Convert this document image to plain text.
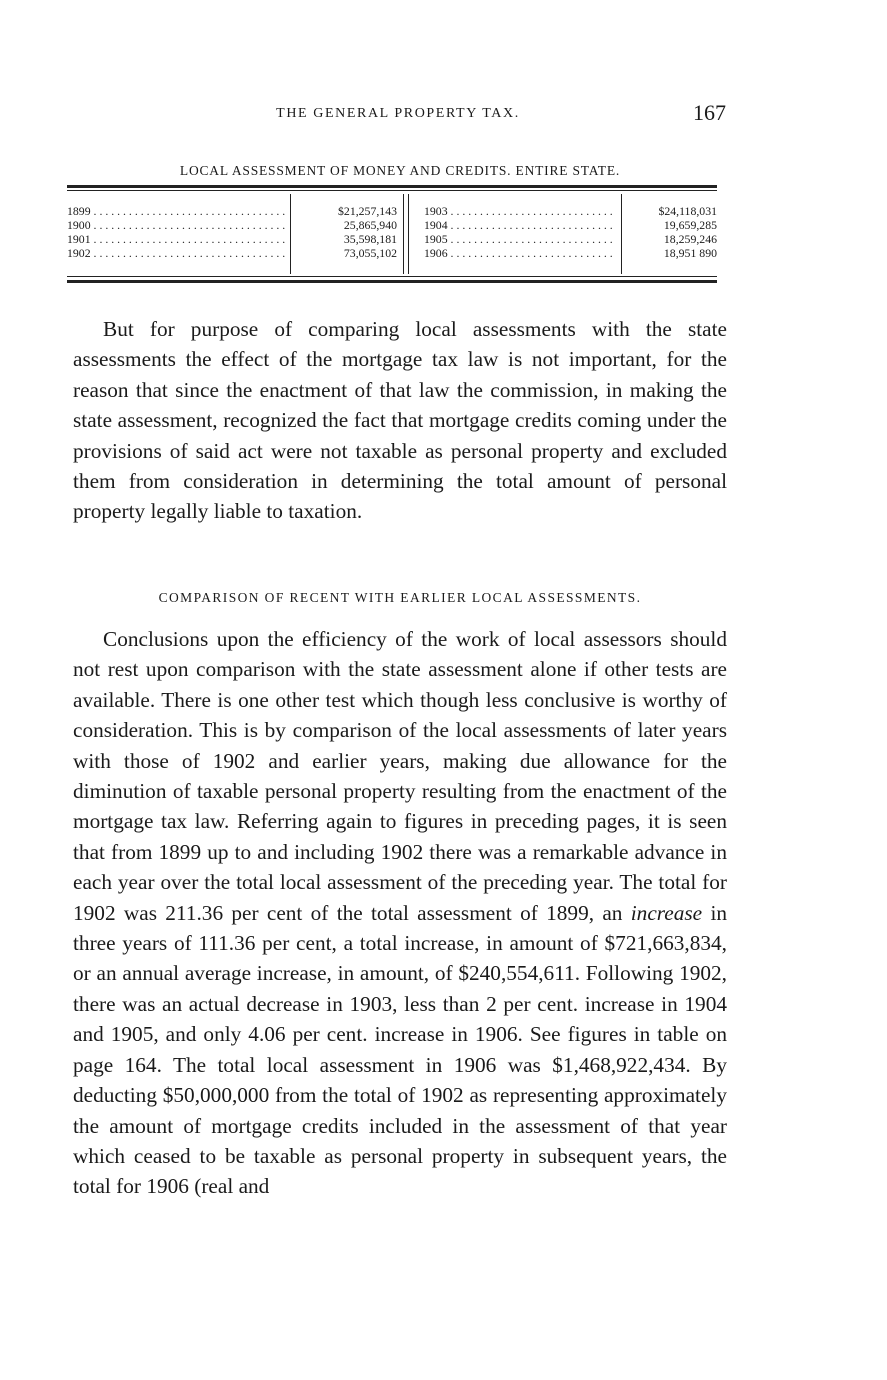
THE GENERAL PROPERTY TAX.	167
LOCAL ASSESSMENT OF MONEY AND CREDITS. ENTIRE STATE.
1899 . . .
1900 . . .
1901 . . .
1902 . . .
$21,257,143
25,865,940
35,598,181
73,055,102
1903 . . .
1904 . . .
1905 . . .
1906 . . .
$24,118,031
19,659,285
18,259,246
18,951 890

But for purpose of comparing local assessments with the state assessments the effect of the mortgage tax law is not important, for the reason that since the enactment of that law the commission, in making the state assessment, recognized the fact that mortgage credits coming under the provisions of said act were not taxable as personal property and excluded them from consideration in determining the total amount of personal property legally liable to taxation.

COMPARISON OF RECENT WITH EARLIER LOCAL ASSESSMENTS.

Conclusions upon the efficiency of the work of local assessors should not rest upon comparison with the state assessment alone if other tests are available. There is one other test which though less conclusive is worthy of consideration. This is by comparison of the local assessments of later years with those of 1902 and earlier years, making due allowance for the diminution of taxable personal property resulting from the enactment of the mortgage tax law. Referring again to figures in preceding pages, it is seen that from 1899 up to and including 1902 there was a remarkable advance in each year over the total local assessment of the preceding year. The total for 1902 was 211.36 per cent of the total assessment of 1899, an increase in three years of 111.36 per cent, a total increase, in amount of $721,663,834, or an annual average increase, in amount, of $240,554,611. Following 1902, there was an actual decrease in 1903, less than 2 per cent. increase in 1904 and 1905, and only 4.06 per cent. increase in 1906. See figures in table on page 164. The total local assessment in 1906 was $1,468,922,434. By deducting $50,000,000 from the total of 1902 as representing approximately the amount of mortgage credits included in the assessment of that year which ceased to be taxable as personal property in subsequent years, the total for 1906 (real and
